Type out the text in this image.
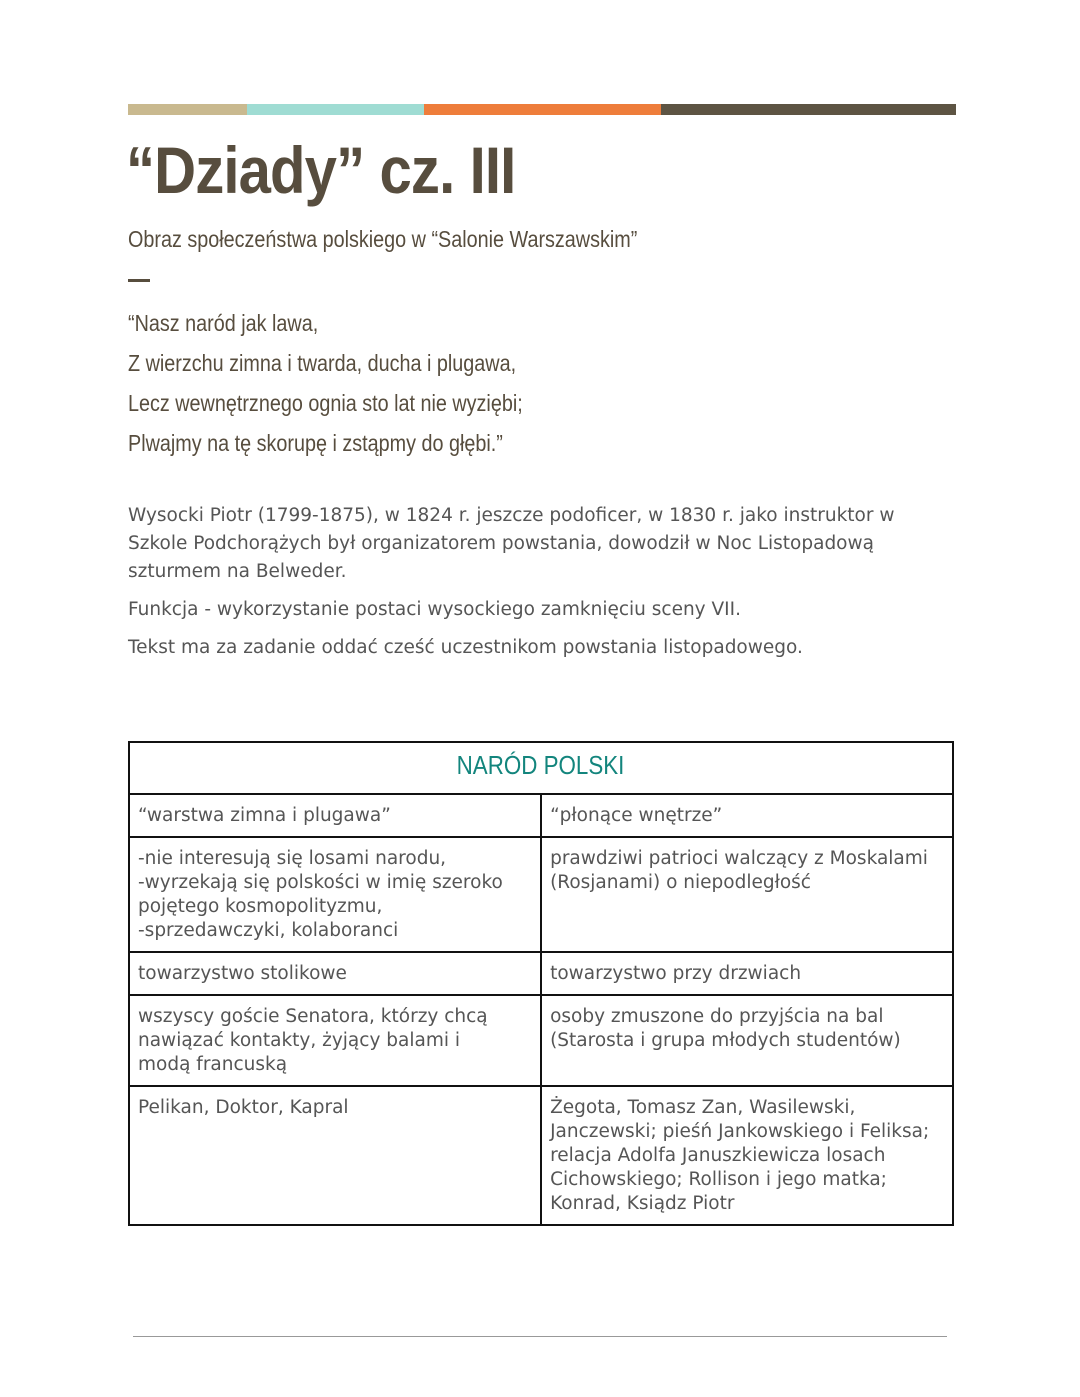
“Dziady” cz. III

Obraz społeczeństwa polskiego w “Salonie Warszawskim”

“Nasz naród jak lawa,
Z wierzchu zimna i twarda, ducha i plugawa,
Lecz wewnętrznego ognia sto lat nie wyziębi;
Plwajmy na tę skorupę i zstąpmy do głębi.”

Wysocki Piotr (1799-1875), w 1824 r. jeszcze podoficer, w 1830 r. jako instruktor w Szkole Podchorążych był organizatorem powstania, dowodził w Noc Listopadową szturmem na Belweder.

Funkcja - wykorzystanie postaci wysockiego zamknięciu sceny VII.

Tekst ma za zadanie oddać cześć uczestnikom powstania listopadowego.

NARÓD POLSKI	

“warstwa zimna i plugawa”	“płonące wnętrze”

-nie interesują się losami narodu,
-wyrzekają się polskości w imię szeroko pojętego kosmopolityzmu,
-sprzedawczyki, kolaboranci	prawdziwi patrioci walczący z Moskalami (Rosjanami) o niepodległość

towarzystwo stolikowe	towarzystwo przy drzwiach

wszyscy goście Senatora, którzy chcą nawiązać kontakty, żyjący balami i modą francuską	osoby zmuszone do przyjścia na bal (Starosta i grupa młodych studentów)

Pelikan, Doktor, Kapral	Żegota, Tomasz Zan, Wasilewski, Janczewski; pieśń Jankowskiego i Feliksa; relacja Adolfa Januszkiewicza losach Cichowskiego; Rollison i jego matka; Konrad, Ksiądz Piotr
